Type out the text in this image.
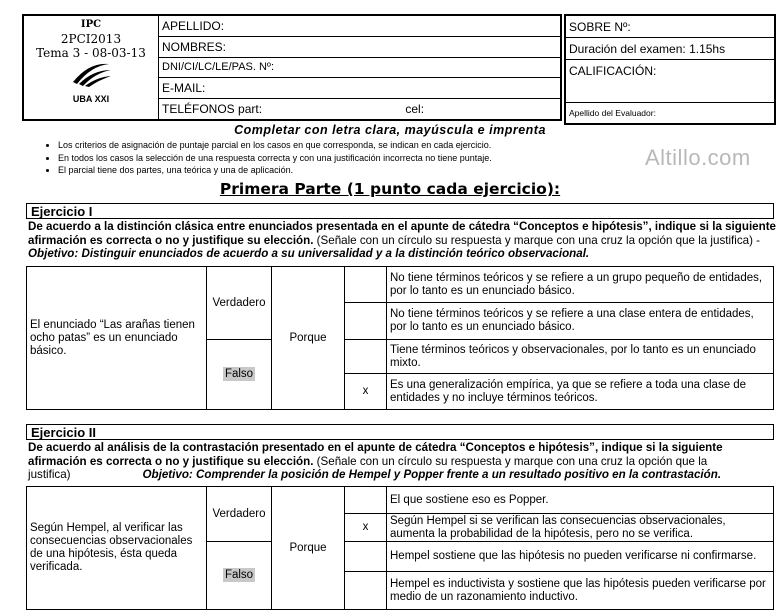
IPC
2PCI2013
Tema 3 - 08-03-13
UBA XXI
	APELLIDO:
NOMBRES:
DNI/CI/LC/LE/PAS. Nº:
E-MAIL:
TELÉFONOS part:	cel:
SOBRE Nº:
Duración del examen: 1.15hs
CALIFICACIÓN:
Apellido del Evaluador:
Completar con letra clara, mayúscula e imprenta
• Los criterios de asignación de puntaje parcial en los casos en que corresponda, se indican en cada ejercicio.
• En todos los casos la selección de una respuesta correcta y con una justificación incorrecta no tiene puntaje.
• El parcial tiene dos partes, una teórica y una de aplicación.	Altillo.com
Primera Parte (1 punto cada ejercicio):
Ejercicio I
De acuerdo a la distinción clásica entre enunciados presentada en el apunte de cátedra “Conceptos e hipótesis”, indique si la siguiente afirmación es correcta o no y justifique su elección. (Señale con un círculo su respuesta y marque con una cruz la opción que la justifica) - Objetivo: Distinguir enunciados de acuerdo a su universalidad y a la distinción teórico observacional.
El enunciado “Las arañas tienen ocho patas” es un enunciado básico.	Verdadero	Porque		No tiene términos teóricos y se refiere a un grupo pequeño de entidades, por lo tanto es un enunciado básico.
				No tiene términos teóricos y se refiere a una clase entera de entidades, por lo tanto es un enunciado básico.
	Falso			Tiene términos teóricos y observacionales, por lo tanto es un enunciado mixto.
			x	Es una generalización empírica, ya que se refiere a toda una clase de entidades y no incluye términos teóricos.
Ejercicio II
De acuerdo al análisis de la contrastación presentado en el apunte de cátedra “Conceptos e hipótesis”, indique si la siguiente afirmación es correcta o no y justifique su elección. (Señale con un círculo su respuesta y marque con una cruz la opción que la justifica)	Objetivo: Comprender la posición de Hempel y Popper frente a un resultado positivo en la contrastación.
Según Hempel, al verificar las consecuencias observacionales de una hipótesis, ésta queda verificada.	Verdadero	Porque		El que sostiene eso es Popper.
			x	Según Hempel si se verifican las consecuencias observacionales, aumenta la probabilidad de la hipótesis, pero no se verifica.
	Falso			Hempel sostiene que las hipótesis no pueden verificarse ni confirmarse.
				Hempel es inductivista y sostiene que las hipótesis pueden verificarse por medio de un razonamiento inductivo.
